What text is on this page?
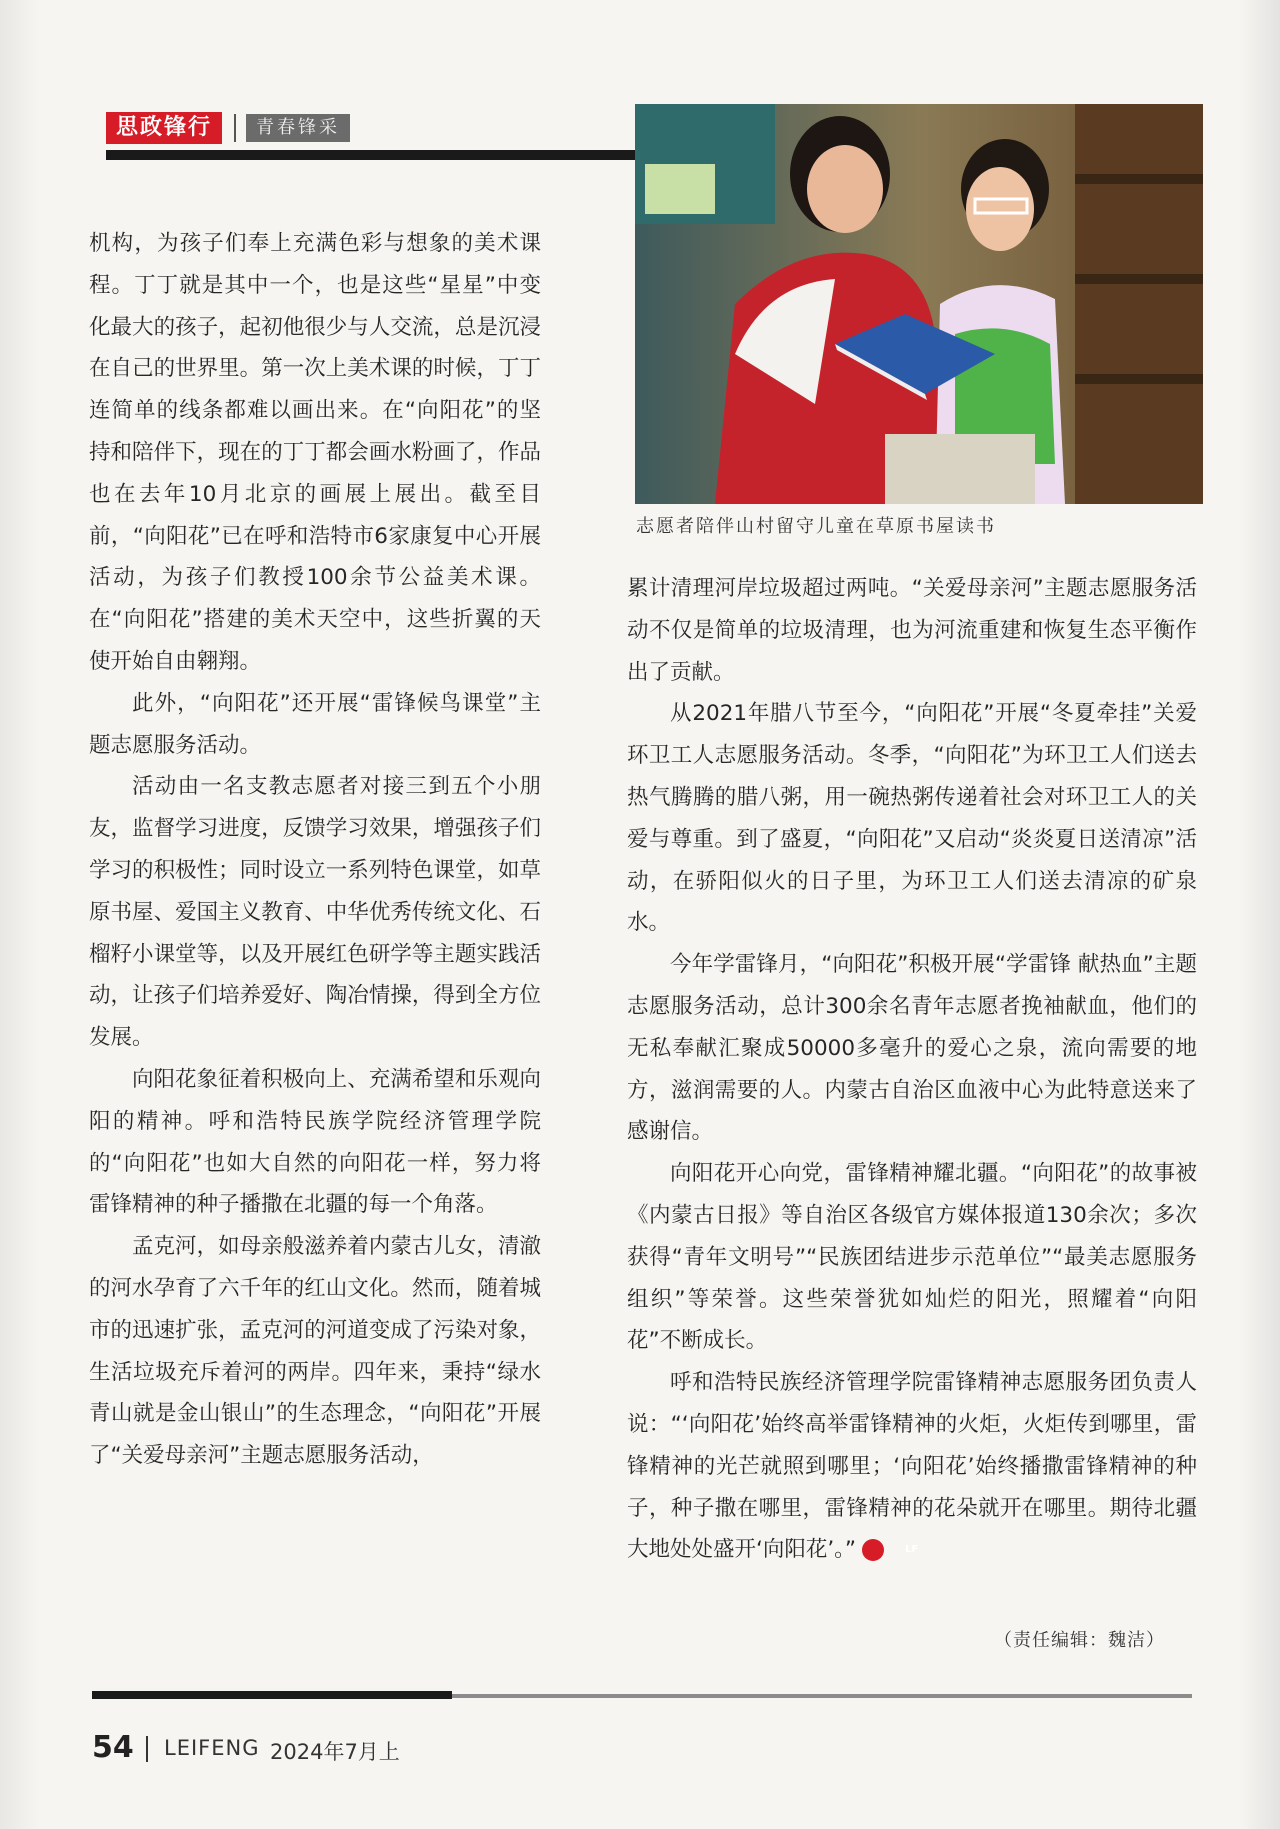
思政锋行	青春锋采

机构，为孩子们奉上充满色彩与想象的美术课程。丁丁就是其中一个，也是这些“星星”中变化最大的孩子，起初他很少与人交流，总是沉浸在自己的世界里。第一次上美术课的时候，丁丁连简单的线条都难以画出来。在“向阳花”的坚持和陪伴下，现在的丁丁都会画水粉画了，作品也在去年10月北京的画展上展出。截至目前，“向阳花”已在呼和浩特市6家康复中心开展活动，为孩子们教授100余节公益美术课。在“向阳花”搭建的美术天空中，这些折翼的天使开始自由翱翔。

此外，“向阳花”还开展“雷锋候鸟课堂”主题志愿服务活动。

活动由一名支教志愿者对接三到五个小朋友，监督学习进度，反馈学习效果，增强孩子们学习的积极性；同时设立一系列特色课堂，如草原书屋、爱国主义教育、中华优秀传统文化、石榴籽小课堂等，以及开展红色研学等主题实践活动，让孩子们培养爱好、陶冶情操，得到全方位发展。

向阳花象征着积极向上、充满希望和乐观向阳的精神。呼和浩特民族学院经济管理学院的“向阳花”也如大自然的向阳花一样，努力将雷锋精神的种子播撒在北疆的每一个角落。

孟克河，如母亲般滋养着内蒙古儿女，清澈的河水孕育了六千年的红山文化。然而，随着城市的迅速扩张，孟克河的河道变成了污染对象，生活垃圾充斥着河的两岸。四年来，秉持“绿水青山就是金山银山”的生态理念，“向阳花”开展了“关爱母亲河”主题志愿服务活动，

志愿者陪伴山村留守儿童在草原书屋读书

累计清理河岸垃圾超过两吨。“关爱母亲河”主题志愿服务活动不仅是简单的垃圾清理，也为河流重建和恢复生态平衡作出了贡献。

从2021年腊八节至今，“向阳花”开展“冬夏牵挂”关爱环卫工人志愿服务活动。冬季，“向阳花”为环卫工人们送去热气腾腾的腊八粥，用一碗热粥传递着社会对环卫工人的关爱与尊重。到了盛夏，“向阳花”又启动“炎炎夏日送清凉”活动，在骄阳似火的日子里，为环卫工人们送去清凉的矿泉水。

今年学雷锋月，“向阳花”积极开展“学雷锋 献热血”主题志愿服务活动，总计300余名青年志愿者挽袖献血，他们的无私奉献汇聚成50000多毫升的爱心之泉，流向需要的地方，滋润需要的人。内蒙古自治区血液中心为此特意送来了感谢信。

向阳花开心向党，雷锋精神耀北疆。“向阳花”的故事被《内蒙古日报》等自治区各级官方媒体报道130余次；多次获得“青年文明号”“民族团结进步示范单位”“最美志愿服务组织”等荣誉。这些荣誉犹如灿烂的阳光，照耀着“向阳花”不断成长。

呼和浩特民族经济管理学院雷锋精神志愿服务团负责人说：“‘向阳花’始终高举雷锋精神的火炬，火炬传到哪里，雷锋精神的光芒就照到哪里；‘向阳花’始终播撒雷锋精神的种子，种子撒在哪里，雷锋精神的花朵就开在哪里。期待北疆大地处处盛开‘向阳花’。”	LF

（责任编辑：魏洁）
54 LEIFENG 2024年7月上
